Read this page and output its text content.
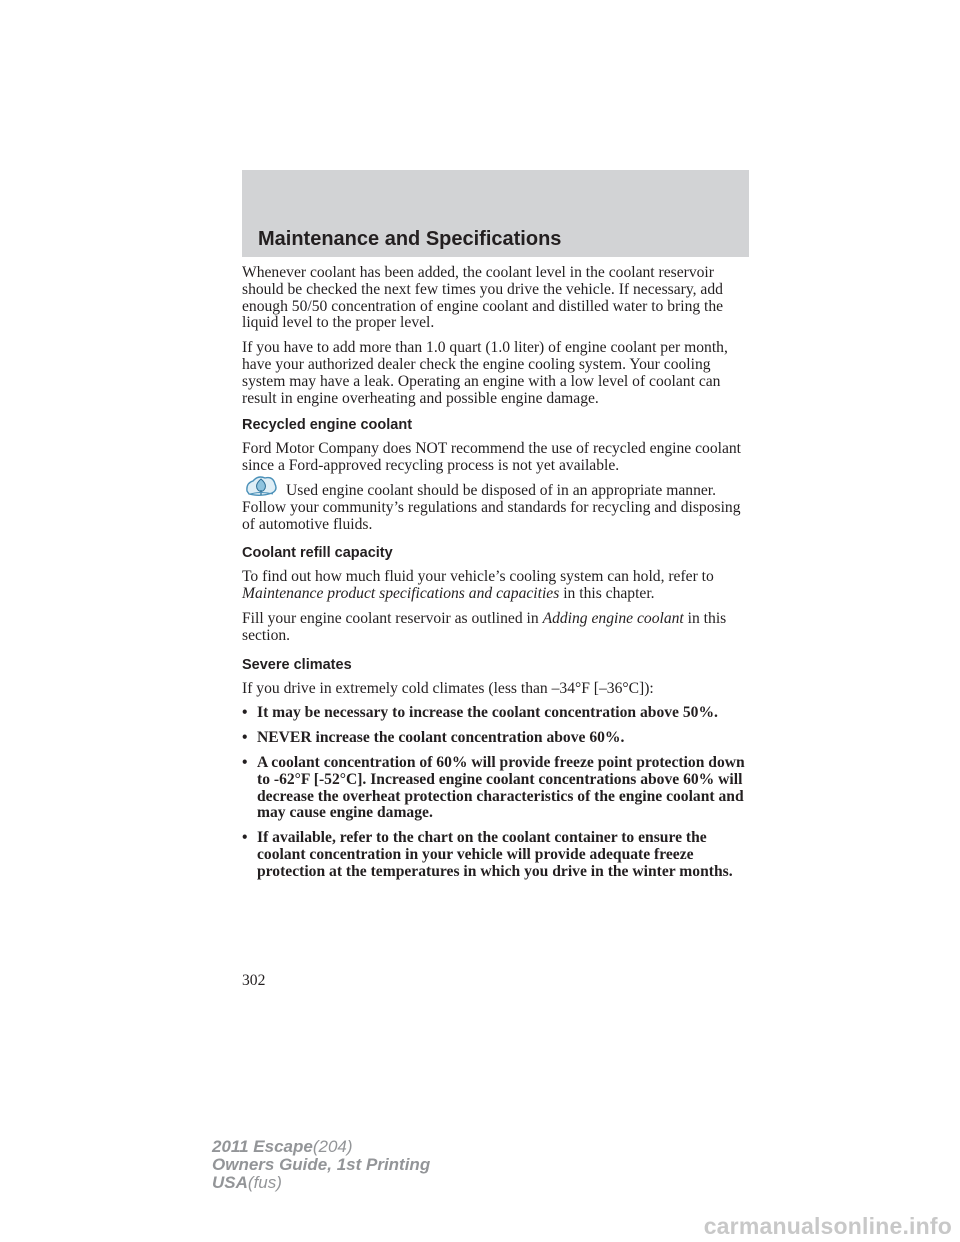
Maintenance and Specifications

Whenever coolant has been added, the coolant level in the coolant reservoir should be checked the next few times you drive the vehicle. If necessary, add enough 50/50 concentration of engine coolant and distilled water to bring the liquid level to the proper level.

If you have to add more than 1.0 quart (1.0 liter) of engine coolant per month, have your authorized dealer check the engine cooling system. Your cooling system may have a leak. Operating an engine with a low level of coolant can result in engine overheating and possible engine damage.

Recycled engine coolant

Ford Motor Company does NOT recommend the use of recycled engine coolant since a Ford-approved recycling process is not yet available.

Used engine coolant should be disposed of in an appropriate manner. Follow your community’s regulations and standards for recycling and disposing of automotive fluids.

Coolant refill capacity

To find out how much fluid your vehicle’s cooling system can hold, refer to Maintenance product specifications and capacities in this chapter.

Fill your engine coolant reservoir as outlined in Adding engine coolant in this section.

Severe climates

If you drive in extremely cold climates (less than –34°F [–36°C]):

• It may be necessary to increase the coolant concentration above 50%.
• NEVER increase the coolant concentration above 60%.
• A coolant concentration of 60% will provide freeze point protection down to -62°F [-52°C]. Increased engine coolant concentrations above 60% will decrease the overheat protection characteristics of the engine coolant and may cause engine damage.
• If available, refer to the chart on the coolant container to ensure the coolant concentration in your vehicle will provide adequate freeze protection at the temperatures in which you drive in the winter months.
302
2011 Escape(204)
Owners Guide, 1st Printing
USA(fus)
carmanualsonline.info
